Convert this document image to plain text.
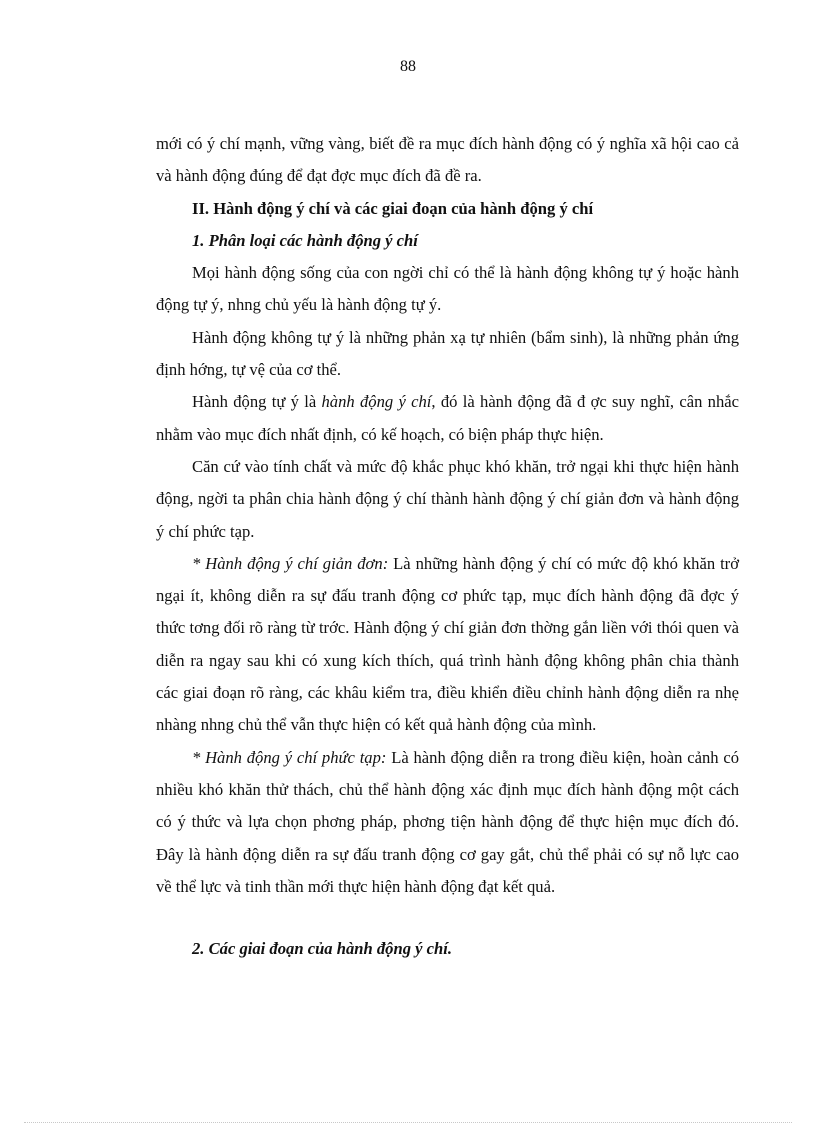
88

mới có ý chí mạnh, vững vàng, biết đề ra mục đích hành động có ý nghĩa xã hội cao cả và hành động đúng để đạt đợc mục đích đã đề ra.

II. Hành động ý chí và các giai đoạn của hành động ý chí

1. Phân loại các hành động ý chí

Mọi hành động sống của con ngời chỉ có thể là hành động không tự ý hoặc hành động tự ý, nhng chủ yếu là hành động tự ý.

Hành động không tự ý là những phản xạ tự nhiên (bẩm sinh), là những phản ứng định hớng, tự vệ của cơ thể.

Hành động tự ý là hành động ý chí, đó là hành động đã đ ợc suy nghĩ, cân nhắc nhằm vào mục đích nhất định, có kế hoạch, có biện pháp thực hiện.

Căn cứ vào tính chất và mức độ khắc phục khó khăn, trở ngại khi thực hiện hành động, ngời ta phân chia hành động ý chí thành hành động ý chí giản đơn và hành động ý chí phức tạp.

* Hành động ý chí giản đơn: Là những hành động ý chí có mức độ khó khăn trở ngại ít, không diễn ra sự đấu tranh động cơ phức tạp, mục đích hành động đã đợc ý thức tơng đối rõ ràng từ trớc. Hành động ý chí giản đơn thờng gắn liền với thói quen và diễn ra ngay sau khi có xung kích thích, quá trình hành động không phân chia thành các giai đoạn rõ ràng, các khâu kiểm tra, điều khiển điều chỉnh hành động diễn ra nhẹ nhàng nhng chủ thể vẫn thực hiện có kết quả hành động của mình.

* Hành động ý chí phức tạp: Là hành động diễn ra trong điều kiện, hoàn cảnh có nhiều khó khăn thử thách, chủ thể hành động xác định mục đích hành động một cách có ý thức và lựa chọn phơng pháp, phơng tiện hành động để thực hiện mục đích đó. Đây là hành động diễn ra sự đấu tranh động cơ gay gắt, chủ thể phải có sự nỗ lực cao về thể lực và tinh thần mới thực hiện hành động đạt kết quả.

2. Các giai đoạn của hành động ý chí.
